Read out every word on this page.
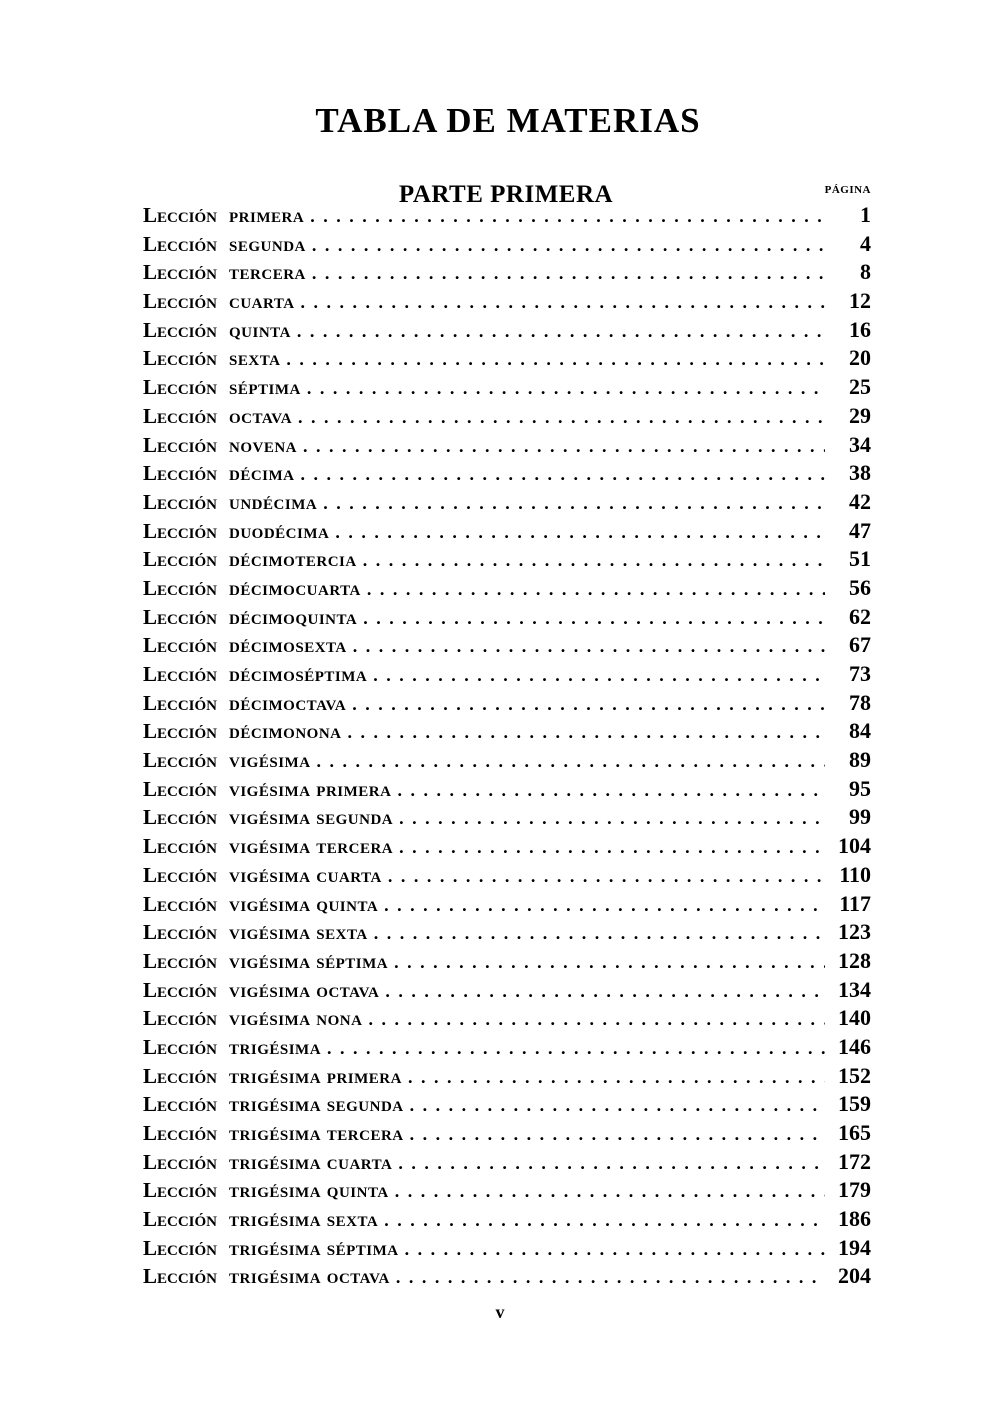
TABLA DE MATERIAS
PARTE PRIMERA	PÁGINA
Lección primera . . .	1
Lección segunda . . .	4
Lección tercera . . .	8
Lección cuarta . . .	12
Lección quinta . . .	16
Lección sexta . . .	20
Lección séptima . . .	25
Lección octava . . .	29
Lección novena . . .	34
Lección décima . . .	38
Lección undécima . . .	42
Lección duodécima . . .	47
Lección décimotercia . . .	51
Lección décimocuarta . . .	56
Lección décimoquinta . . .	62
Lección décimosexta . . .	67
Lección décimoséptima . . .	73
Lección décimoctava . . .	78
Lección décimonona . . .	84
Lección vigésima . . .	89
Lección vigésima primera . . .	95
Lección vigésima segunda . . .	99
Lección vigésima tercera . . .	104
Lección vigésima cuarta . . .	110
Lección vigésima quinta . . .	117
Lección vigésima sexta . . .	123
Lección vigésima séptima . . .	128
Lección vigésima octava . . .	134
Lección vigésima nona . . .	140
Lección trigésima . . .	146
Lección trigésima primera . . .	152
Lección trigésima segunda . . .	159
Lección trigésima tercera . . .	165
Lección trigésima cuarta . . .	172
Lección trigésima quinta . . .	179
Lección trigésima sexta . . .	186
Lección trigésima séptima . . .	194
Lección trigésima octava . . .	204
v
